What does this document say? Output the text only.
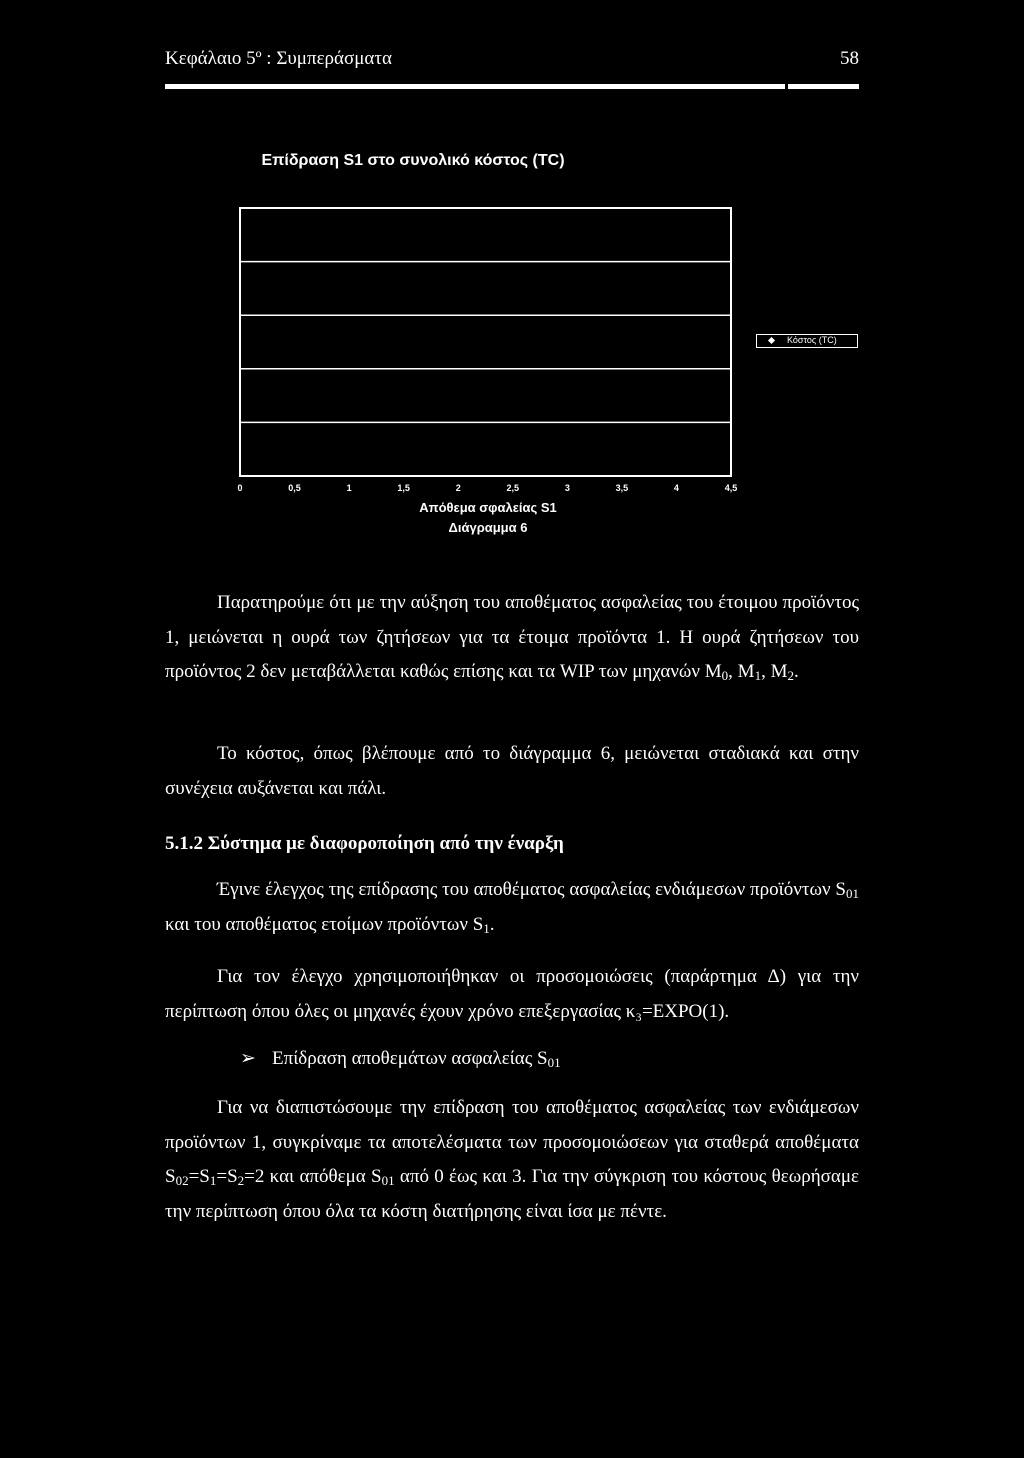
Κεφάλαιο 5º : Συμπεράσματα	58
Επίδραση S1 στο συνολικό κόστος (TC)
0	0,5	1	1,5	2	2,5	3	3,5	4	4,5
Κόστος (TC)
Απόθεμα σφαλείας S1
Διάγραμμα 6
Παρατηρούμε ότι με την αύξηση του αποθέματος ασφαλείας του έτοιμου προϊόντος 1, μειώνεται η ουρά των ζητήσεων για τα έτοιμα προϊόντα 1. Η ουρά ζητήσεων του προϊόντος 2 δεν μεταβάλλεται καθώς επίσης και τα WIP των μηχανών $M_0$, $M_1$, $M_2$.
Το κόστος, όπως βλέπουμε από το διάγραμμα 6, μειώνεται σταδιακά και στην συνέχεια αυξάνεται και πάλι.
5.1.2 Σύστημα με διαφοροποίηση από την έναρξη
Έγινε έλεγχος της επίδρασης του αποθέματος ασφαλείας ενδιάμεσων προϊόντων $S_{01}$ και του αποθέματος ετοίμων προϊόντων $S_1$.
Για τον έλεγχο χρησιμοποιήθηκαν οι προσομοιώσεις (παράρτημα Δ) για την περίπτωση όπου όλες οι μηχανές έχουν χρόνο επεξεργασίας κ₃=EXPO(1).
➢ Επίδραση αποθεμάτων ασφαλείας $S_{01}$
Για να διαπιστώσουμε την επίδραση του αποθέματος ασφαλείας των ενδιάμεσων προϊόντων 1, συγκρίναμε τα αποτελέσματα των προσομοιώσεων για σταθερά αποθέματα $S_{02}=S_1=S_2=2$ και απόθεμα $S_{01}$ από 0 έως και 3. Για την σύγκριση του κόστους θεωρήσαμε την περίπτωση όπου όλα τα κόστη διατήρησης είναι ίσα με πέντε.
